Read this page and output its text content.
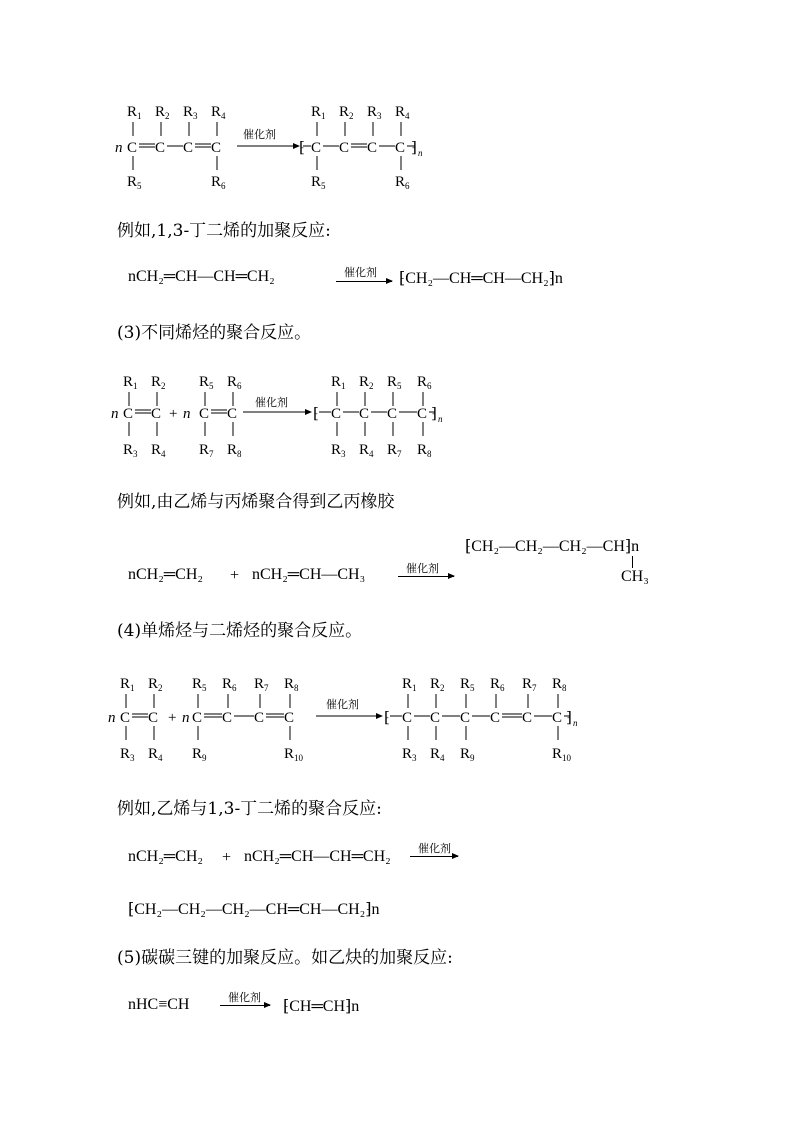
$R_1$ $R_2$ $R_3$ $R_4$
n C C C C
$R_5$	$R_6$
催化剂
$R_1$ $R_2$ $R_3$ $R_4$
⁅ C C C C ⁆ n
$R_5$	$R_6$
例如,1,3-丁二烯的加聚反应:
nCH₂═CH—CH═CH₂	催化剂 → ⁅CH₂—CH═CH—CH₂⁆n
(3)不同烯烃的聚合反应。
$R_1$ $R_2$
n C C
$R_3$ $R_4$
+ n
$R_5$ $R_6$
C C
$R_7$ $R_8$
催化剂
$R_1$ $R_2$ $R_5$ $R_6$
⁅ C C C C ⁆ n
$R_3$ $R_4$ $R_7$ $R_8$
例如,由乙烯与丙烯聚合得到乙丙橡胶
nCH₂═CH₂ + nCH₂═CH—CH₃	催化剂
⁅CH₂—CH₂—CH₂—CH⁆n
CH₃
(4)单烯烃与二烯烃的聚合反应。
$R_1$ $R_2$
n C C
$R_3$ $R_4$
+ n
$R_5$ $R_6$ $R_7$ $R_8$
C C C C
$R_9$	$R_{10}$
催化剂
$R_1$ $R_2$ $R_5$ $R_6$ $R_7$ $R_8$
⁅ C C C C C C ⁆ n
$R_3$ $R_4$ $R_9$	$R_{10}$
例如,乙烯与1,3-丁二烯的聚合反应:
nCH₂═CH₂ + nCH₂═CH—CH═CH₂ 催化剂
⁅CH₂—CH₂—CH₂—CH═CH—CH₂⁆n
(5)碳碳三键的加聚反应。如乙炔的加聚反应:
nHC≡CH	催化剂
→ ⁅CH═CH⁆n
